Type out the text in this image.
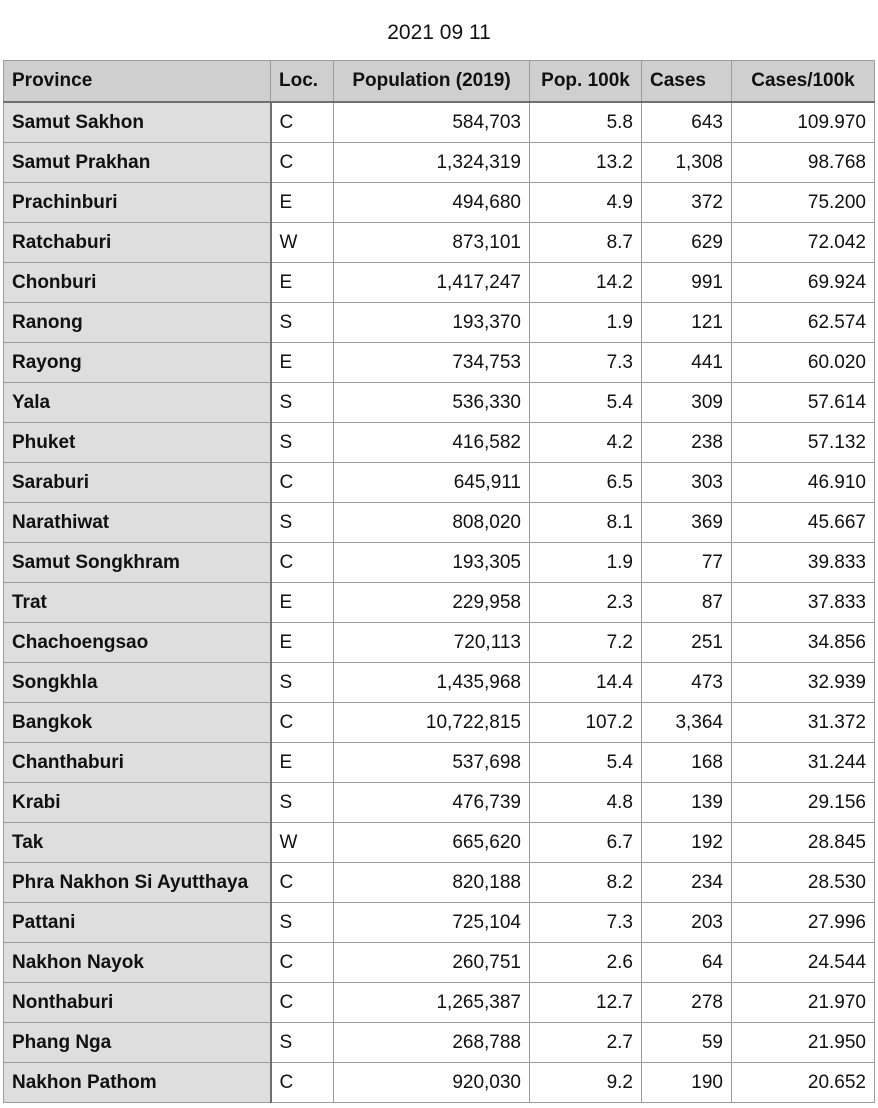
2021 09 11
Province	Loc.	Population (2019)	Pop. 100k	Cases	Cases/100k
Samut Sakhon	C	584,703	5.8	643	109.970
Samut Prakhan	C	1,324,319	13.2	1,308	98.768
Prachinburi	E	494,680	4.9	372	75.200
Ratchaburi	W	873,101	8.7	629	72.042
Chonburi	E	1,417,247	14.2	991	69.924
Ranong	S	193,370	1.9	121	62.574
Rayong	E	734,753	7.3	441	60.020
Yala	S	536,330	5.4	309	57.614
Phuket	S	416,582	4.2	238	57.132
Saraburi	C	645,911	6.5	303	46.910
Narathiwat	S	808,020	8.1	369	45.667
Samut Songkhram	C	193,305	1.9	77	39.833
Trat	E	229,958	2.3	87	37.833
Chachoengsao	E	720,113	7.2	251	34.856
Songkhla	S	1,435,968	14.4	473	32.939
Bangkok	C	10,722,815	107.2	3,364	31.372
Chanthaburi	E	537,698	5.4	168	31.244
Krabi	S	476,739	4.8	139	29.156
Tak	W	665,620	6.7	192	28.845
Phra Nakhon Si Ayutthaya	C	820,188	8.2	234	28.530
Pattani	S	725,104	7.3	203	27.996
Nakhon Nayok	C	260,751	2.6	64	24.544
Nonthaburi	C	1,265,387	12.7	278	21.970
Phang Nga	S	268,788	2.7	59	21.950
Nakhon Pathom	C	920,030	9.2	190	20.652
